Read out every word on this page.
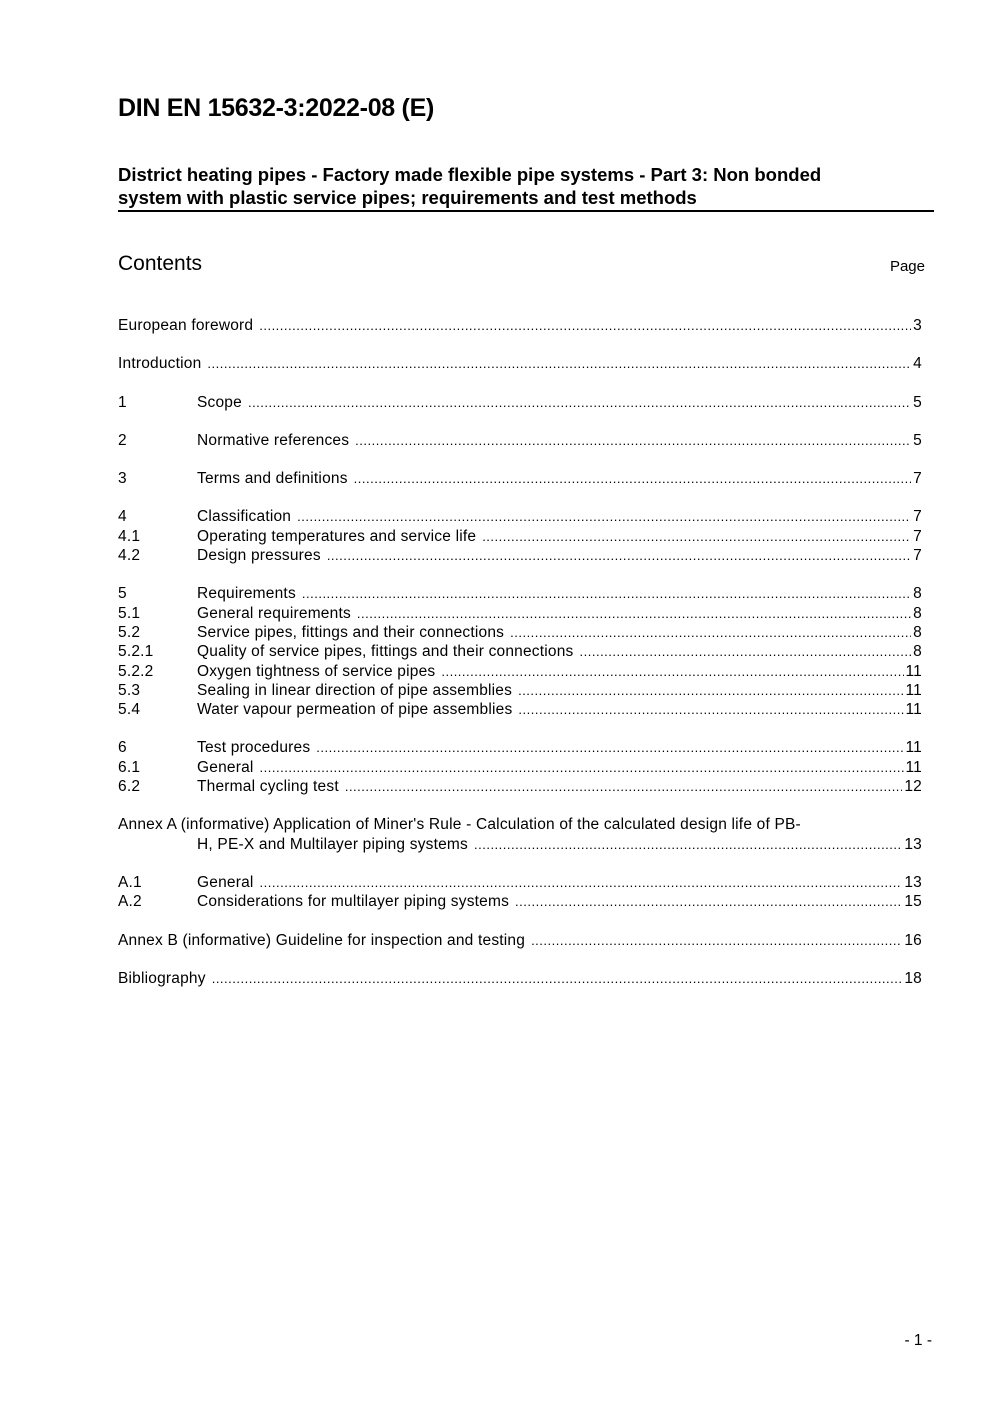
DIN EN 15632-3:2022-08 (E)
District heating pipes - Factory made flexible pipe systems - Part 3: Non bonded
system with plastic service pipes; requirements and test methods
Contents	Page
European foreword .....	3
Introduction .....	4
1	Scope .....	5
2	Normative references .....	5
3	Terms and definitions .....	7
4	Classification .....	7
4.1	Operating temperatures and service life .....	7
4.2	Design pressures .....	7
5	Requirements .....	8
5.1	General requirements .....	8
5.2	Service pipes, fittings and their connections .....	8
5.2.1	Quality of service pipes, fittings and their connections .....	8
5.2.2	Oxygen tightness of service pipes .....	11
5.3	Sealing in linear direction of pipe assemblies .....	11
5.4	Water vapour permeation of pipe assemblies .....	11
6	Test procedures .....	11
6.1	General .....	11
6.2	Thermal cycling test .....	12
Annex A (informative) Application of Miner's Rule - Calculation of the calculated design life of PB-
H, PE-X and Multilayer piping systems .....	13
A.1	General .....	13
A.2	Considerations for multilayer piping systems .....	15
Annex B (informative) Guideline for inspection and testing .....	16
Bibliography .....	18
- 1 -
